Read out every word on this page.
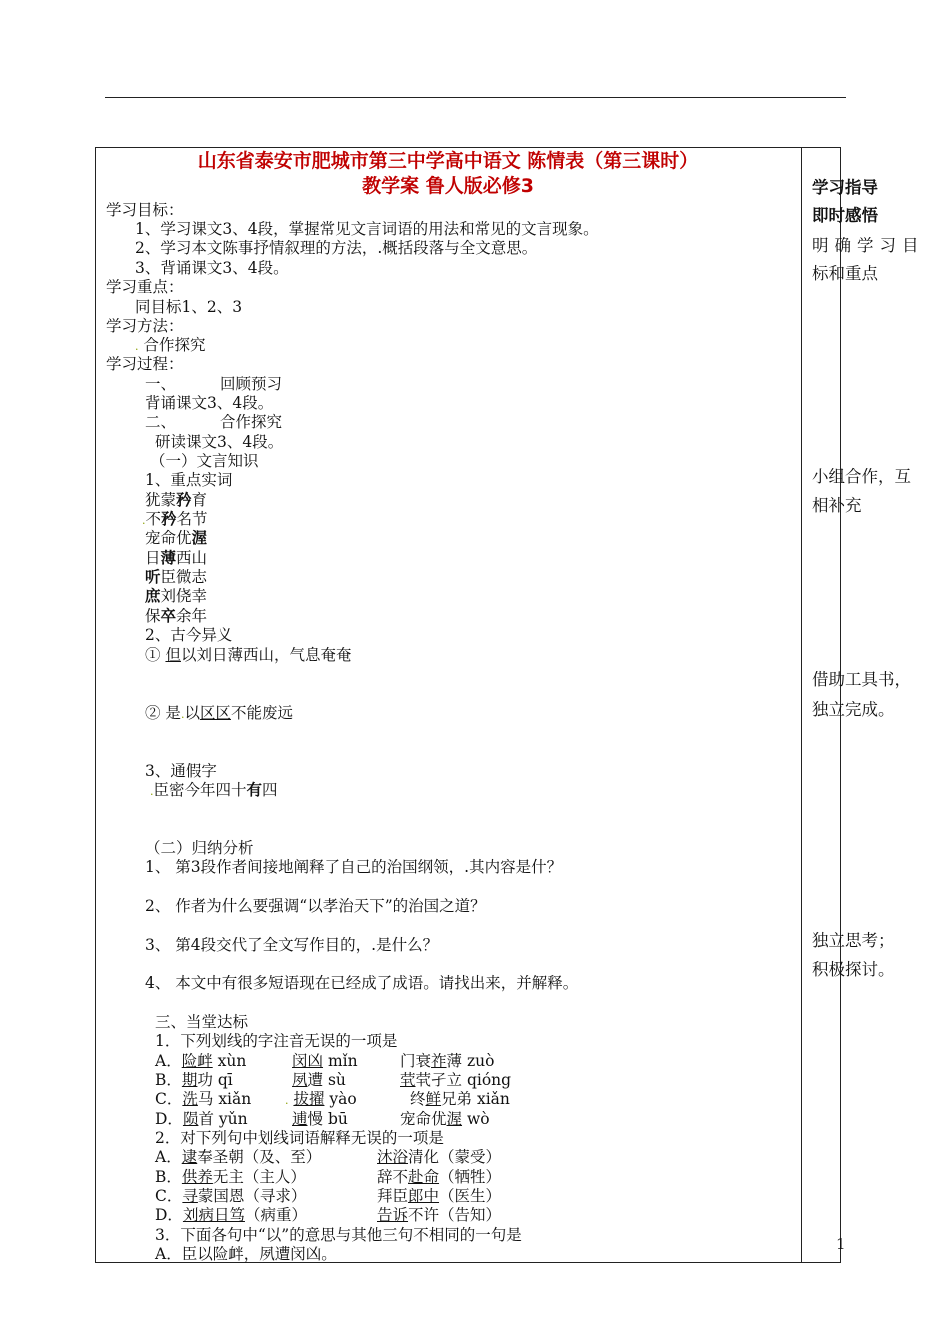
山东省泰安市肥城市第三中学高中语文 陈情表（第三课时）
教学案 鲁人版必修3
学习目标：
1、学习课文3、4段，掌握常见文言词语的用法和常见的文言现象。
2、学习本文陈事抒情叙理的方法，.概括段落与全文意思。
3、背诵课文3、4段。
学习重点：
同目标1、2、3
学习方法：
. 合作探究
学习过程：
一、	回顾预习
背诵课文3、4段。
二、	合作探究
研读课文3、4段。
（一）文言知识
1、重点实词
犹蒙矜育
.不矜名节
宠命优渥
日薄西山
听臣微志
庶刘侥幸
保卒余年
2、古今异义
① 但以刘日薄西山，气息奄奄
② 是.以区区不能废远
3、通假字
.臣密今年四十有四
（二）归纳分析
1、 第3段作者间接地阐释了自己的治国纲领，.其内容是什？
2、 作者为什么要强调“以孝治天下”的治国之道？
3、 第4段交代了全文写作目的，.是什么？
4、 本文中有很多短语现在已经成了成语。请找出来，并解释。
三、当堂达标
1．下列划线的字注音无误的一项是
A．险衅 xùn	闵凶 mǐn	门衰祚薄 zuò
B．期功 qī	夙遭 sù	茕茕孑立 qióng
C．洗马 xiǎn	. 拔擢 yào	终鲜兄弟 xiǎn
D．陨首 yǔn	逋慢 bū	宠命优渥 wò
2．对下列句中划线词语解释无误的一项是
A．逮奉圣朝（及、至）	沐浴清化（蒙受）
B．供养无主（主人）	辞不赴命（牺牲）
C．寻蒙国恩（寻求）	拜臣郎中（医生）
D．刘病日笃（病重）	告诉不许（告知）
3．下面各句中“以”的意思与其他三句不相同的一句是
A．臣以险衅，夙遭闵凶。
学习指导
即时感悟
明确学习目
标和重点
小组合作，互
相补充
借助工具书，
独立完成。
独立思考；
积极探讨。
1
